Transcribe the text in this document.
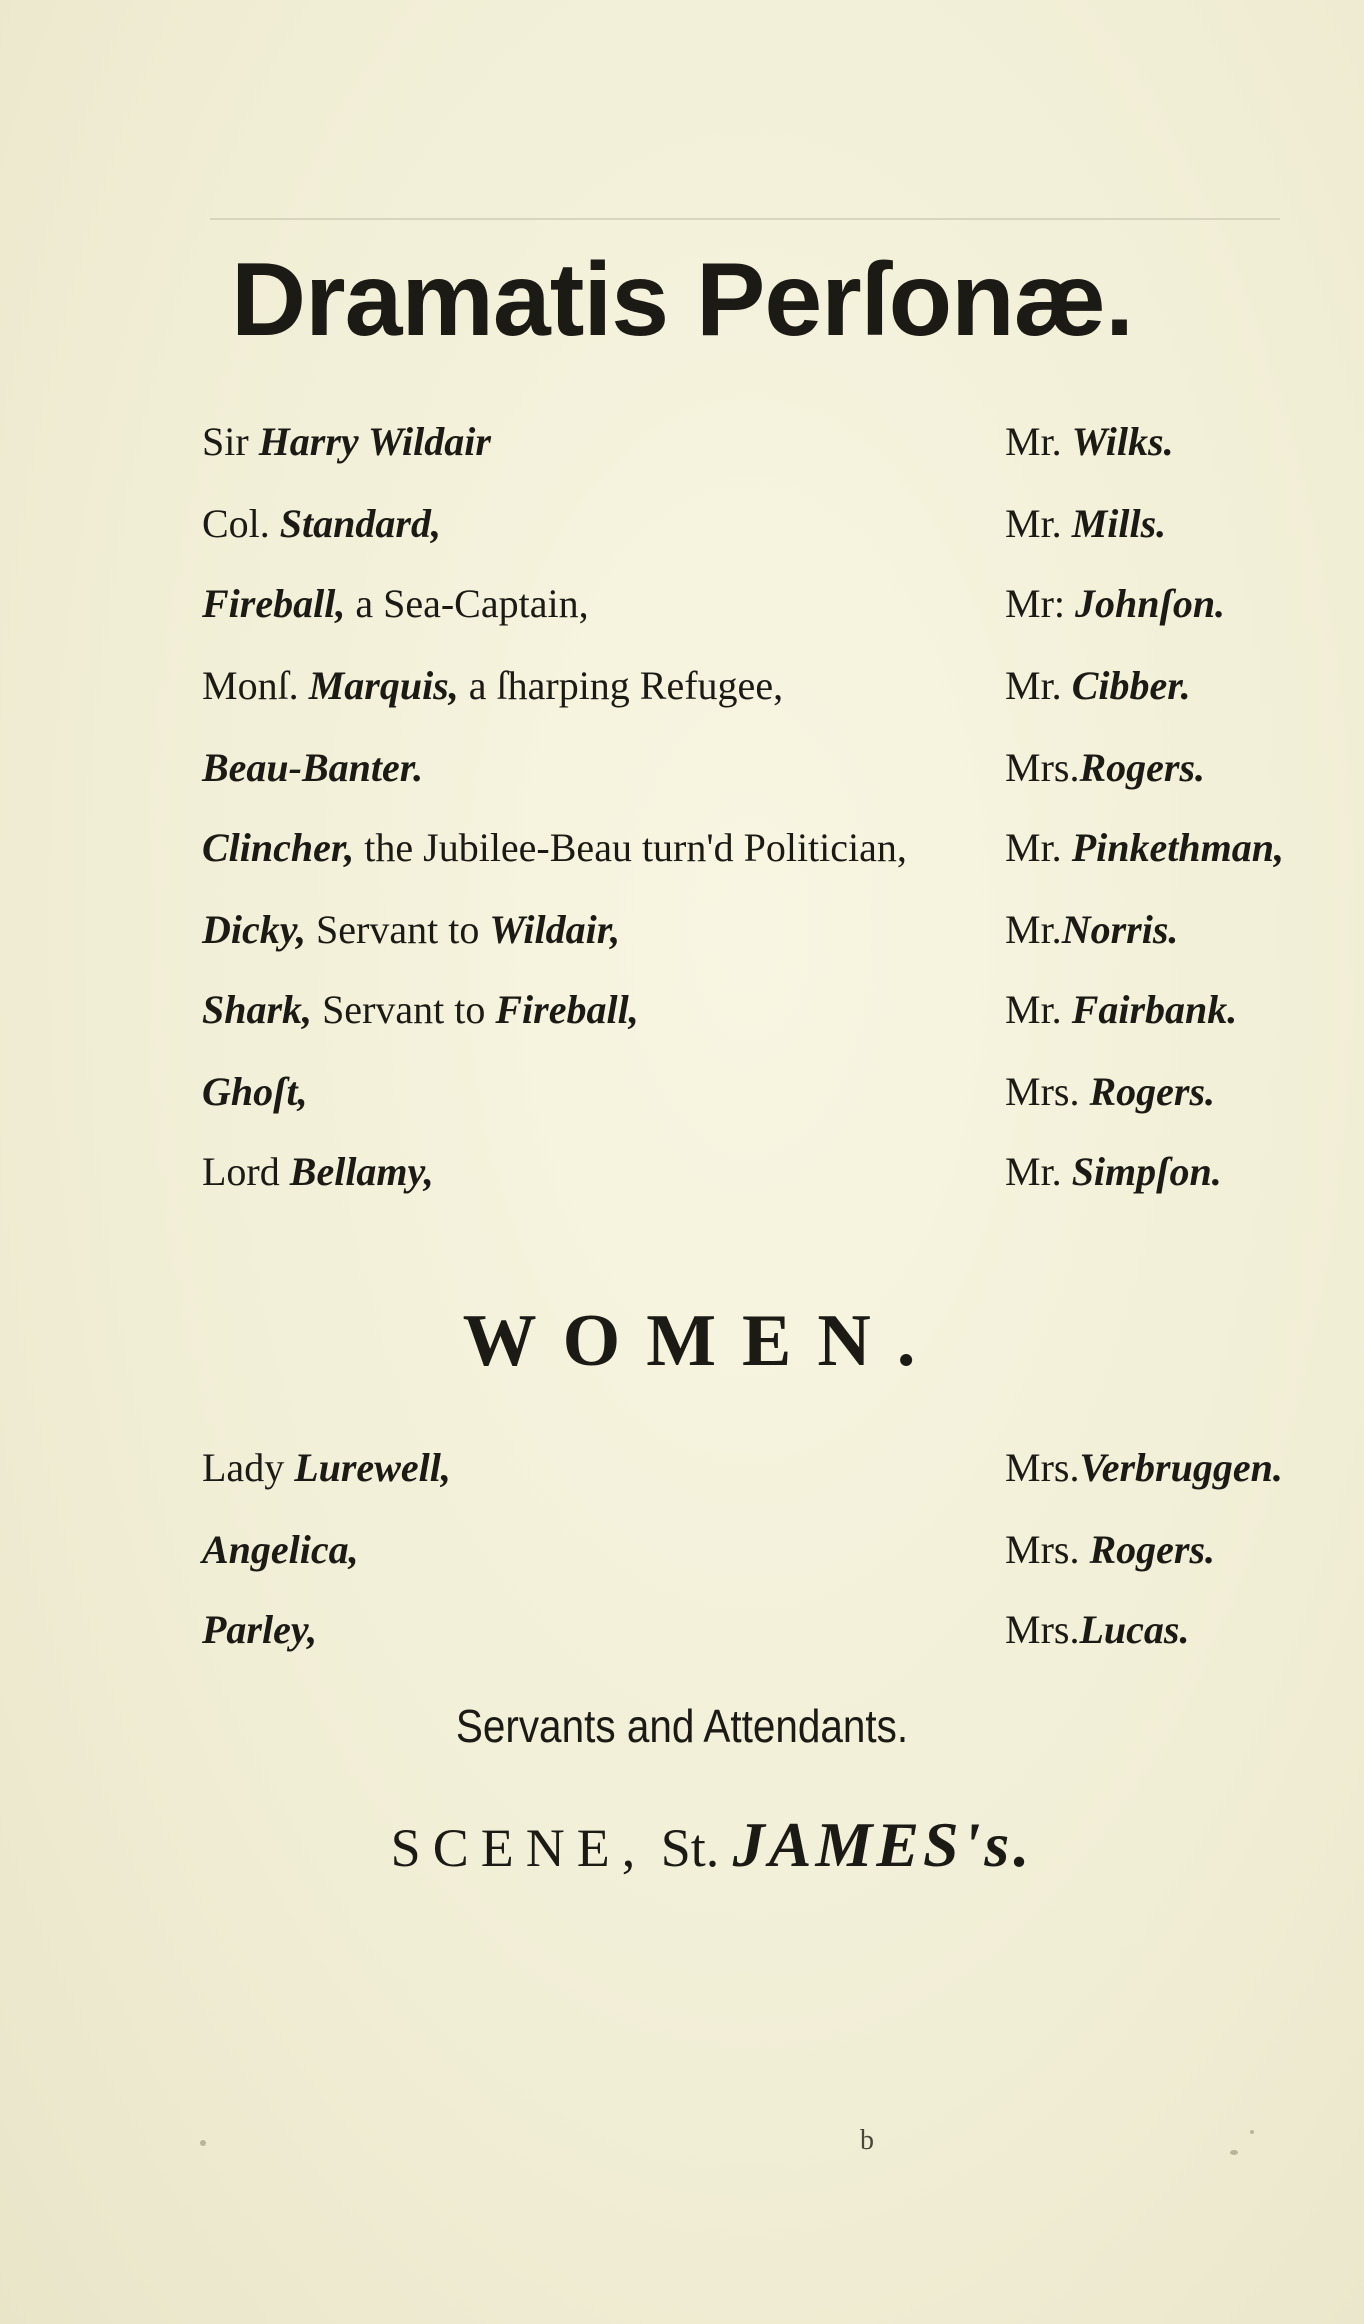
Dramatis Perſonæ.
Sir Harry Wildair	Mr. Wilks.
Col. Standard,	Mr. Mills.
Fireball, a Sea-Captain,	Mr: Johnſon.
Monſ. Marquis, a ſharping Refugee,	Mr. Cibber.
Beau-Banter.	Mrs.Rogers.
Clincher, the Jubilee-Beau turn'd Politician, Mr. Pinkethman,
Dicky, Servant to Wildair,	Mr.Norris.
Shark, Servant to Fireball,	Mr. Fairbank.
Ghoſt,	Mrs. Rogers.
Lord Bellamy,	Mr. Simpſon.
WOMEN.
Lady Lurewell,	Mrs.Verbruggen.
Angelica,	Mrs. Rogers.
Parley,	Mrs.Lucas.
Servants and Attendants.
SCENE, St. JAMES's.
b
